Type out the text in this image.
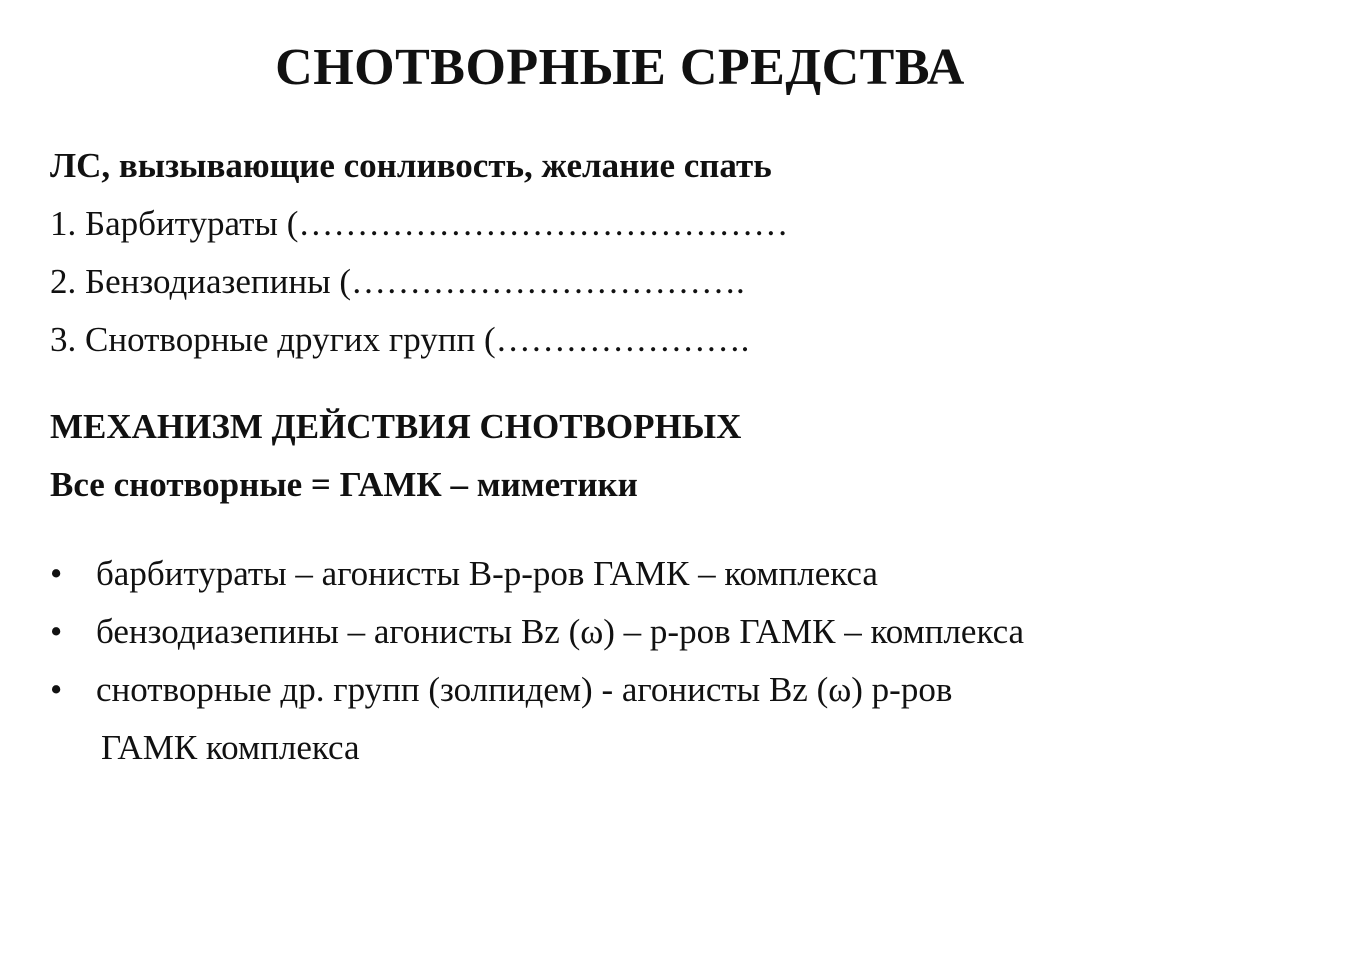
СНОТВОРНЫЕ СРЕДСТВА
ЛС, вызывающие сонливость, желание спать
1. Барбитураты (……………………………………
2. Бензодиазепины (…………………………….
3. Снотворные других групп (………………….
МЕХАНИЗМ ДЕЙСТВИЯ СНОТВОРНЫХ
Все снотворные = ГАМК – миметики
• барбитураты – агонисты В-р-ров ГАМК – комплекса
• бензодиазепины – агонисты Bz (ω) – р-ров ГАМК – комплекса
• снотворные др. групп (золпидем) - агонисты Bz (ω) р-ров
ГАМК комплекса
